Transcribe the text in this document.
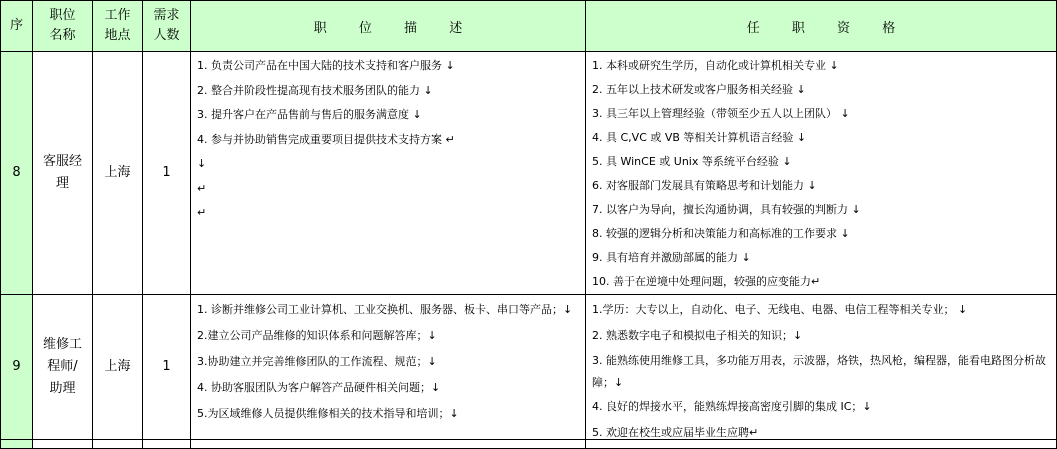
序
职位
名称
工作
地点
需求
人数	职 位 描 述	任 职 资 格
8
客服经
理
上海 1
1. 负责公司产品在中国大陆的技术支持和客户服务 ↓
2. 整合并阶段性提高现有技术服务团队的能力 ↓
3. 提升客户在产品售前与售后的服务满意度 ↓
4. 参与并协助销售完成重要项目提供技术支持方案 ↵
↓
↵
↵
1. 本科或研究生学历，自动化或计算机相关专业 ↓
2. 五年以上技术研发或客户服务相关经验 ↓
3. 具三年以上管理经验（带领至少五人以上团队） ↓
4. 具 C,VC 或 VB 等相关计算机语言经验 ↓
5. 具 WinCE 或 Unix 等系统平台经验 ↓
6. 对客服部门发展具有策略思考和计划能力 ↓
7. 以客户为导向，擅长沟通协调，具有较强的判断力 ↓
8. 较强的逻辑分析和决策能力和高标准的工作要求 ↓
9. 具有培育并激励部属的能力 ↓
10. 善于在逆境中处理问题，较强的应变能力↵
9
维修工
程师/
助理
上海 1
1. 诊断并维修公司工业计算机、工业交换机、服务器、板卡、串口等产品；↓
2.建立公司产品维修的知识体系和问题解答库；↓
3.协助建立并完善维修团队的工作流程、规范；↓
4. 协助客服团队为客户解答产品硬件相关问题；↓
5.为区域维修人员提供维修相关的技术指导和培训；↓
1.学历：大专以上，自动化、电子、无线电、电器、电信工程等相关专业； ↓
2. 熟悉数字电子和模拟电子相关的知识；↓
3. 能熟练使用维修工具，多功能万用表，示波器，烙铁，热风枪，编程器，能看电路图分析故障；↓
4. 良好的焊接水平，能熟练焊接高密度引脚的集成 IC；↓
5. 欢迎在校生或应届毕业生应聘↵
